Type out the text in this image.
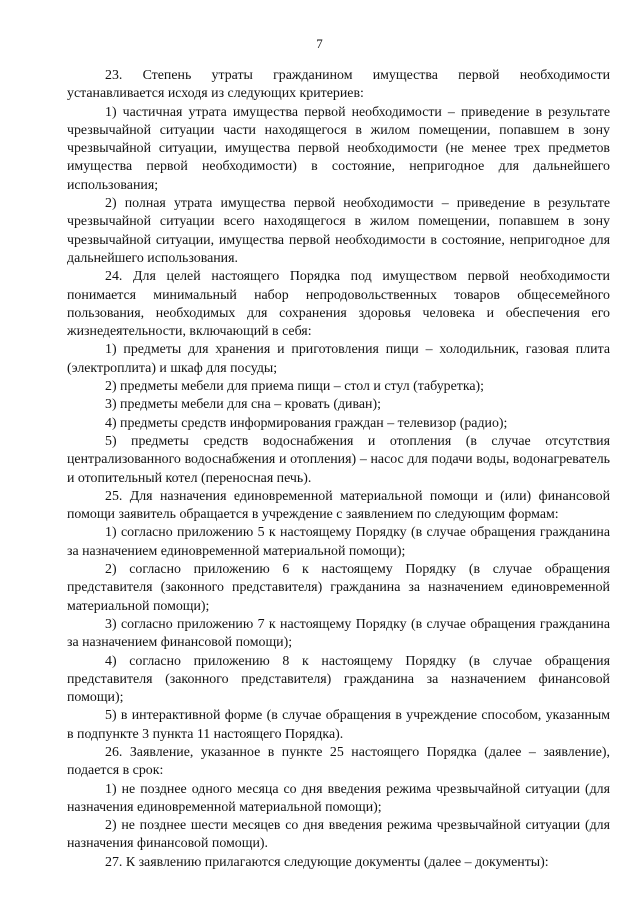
7

23. Степень утраты гражданином имущества первой необходимости устанавливается исходя из следующих критериев:

1) частичная утрата имущества первой необходимости – приведение в результате чрезвычайной ситуации части находящегося в жилом помещении, попавшем в зону чрезвычайной ситуации, имущества первой необходимости (не менее трех предметов имущества первой необходимости) в состояние, непригодное для дальнейшего использования;

2) полная утрата имущества первой необходимости – приведение в результате чрезвычайной ситуации всего находящегося в жилом помещении, попавшем в зону чрезвычайной ситуации, имущества первой необходимости в состояние, непригодное для дальнейшего использования.

24. Для целей настоящего Порядка под имуществом первой необходимости понимается минимальный набор непродовольственных товаров общесемейного пользования, необходимых для сохранения здоровья человека и обеспечения его жизнедеятельности, включающий в себя:

1) предметы для хранения и приготовления пищи – холодильник, газовая плита (электроплита) и шкаф для посуды;

2) предметы мебели для приема пищи – стол и стул (табуретка);

3) предметы мебели для сна – кровать (диван);

4) предметы средств информирования граждан – телевизор (радио);

5) предметы средств водоснабжения и отопления (в случае отсутствия централизованного водоснабжения и отопления) – насос для подачи воды, водонагреватель и отопительный котел (переносная печь).

25. Для назначения единовременной материальной помощи и (или) финансовой помощи заявитель обращается в учреждение с заявлением по следующим формам:

1) согласно приложению 5 к настоящему Порядку (в случае обращения гражданина за назначением единовременной материальной помощи);

2) согласно приложению 6 к настоящему Порядку (в случае обращения представителя (законного представителя) гражданина за назначением единовременной материальной помощи);

3) согласно приложению 7 к настоящему Порядку (в случае обращения гражданина за назначением финансовой помощи);

4) согласно приложению 8 к настоящему Порядку (в случае обращения представителя (законного представителя) гражданина за назначением финансовой помощи);

5) в интерактивной форме (в случае обращения в учреждение способом, указанным в подпункте 3 пункта 11 настоящего Порядка).

26. Заявление, указанное в пункте 25 настоящего Порядка (далее – заявление), подается в срок:

1) не позднее одного месяца со дня введения режима чрезвычайной ситуации (для назначения единовременной материальной помощи);

2) не позднее шести месяцев со дня введения режима чрезвычайной ситуации (для назначения финансовой помощи).

27. К заявлению прилагаются следующие документы (далее – документы):
